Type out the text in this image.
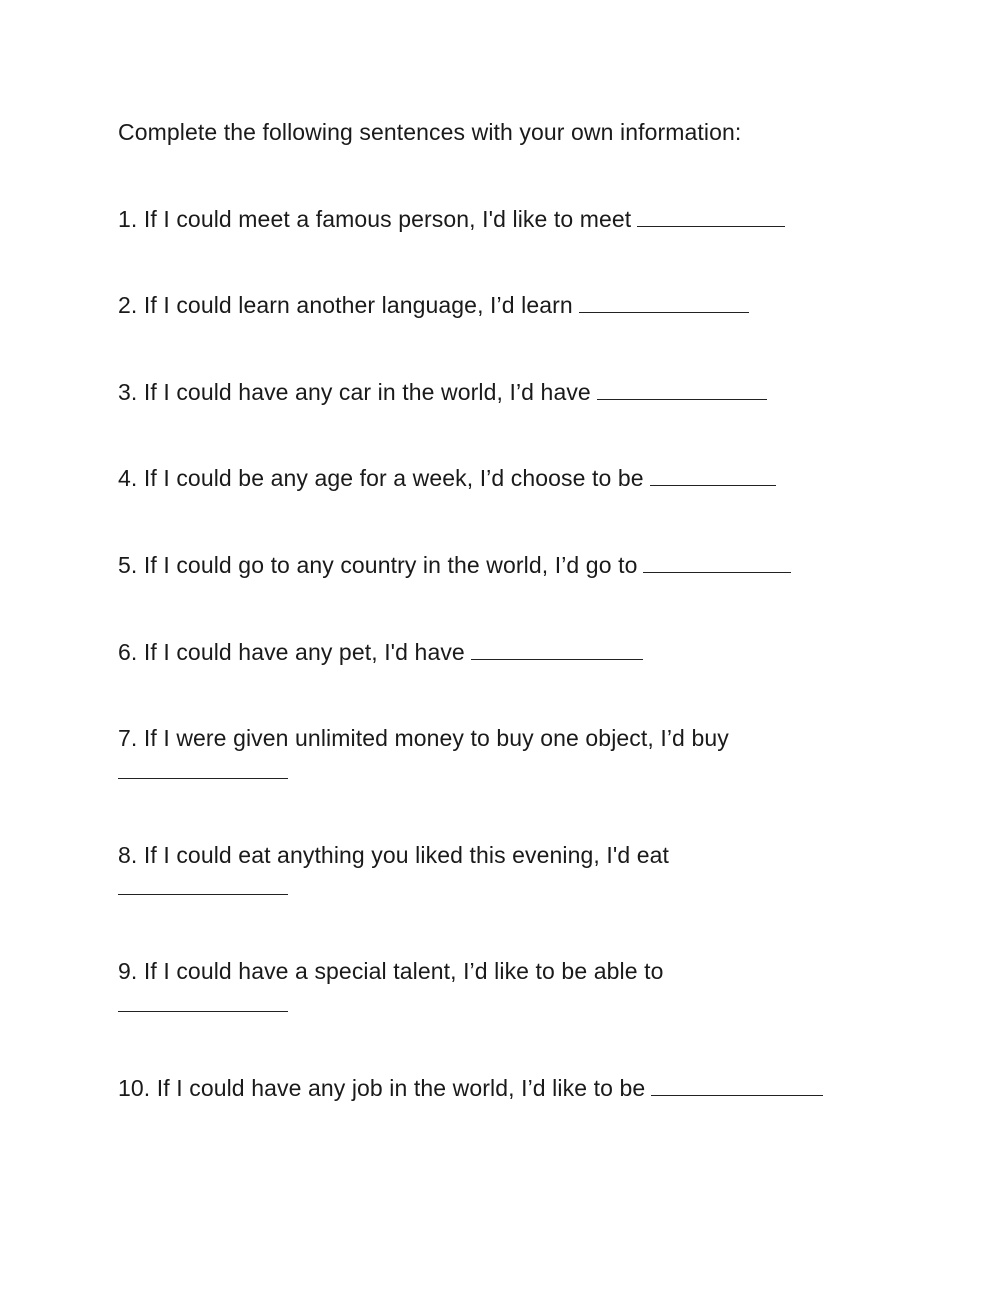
Complete the following sentences with your own information:
1. If I could meet a famous person, I'd like to meet
2. If I could learn another language, I’d learn
3. If I could have any car in the world, I’d have
4. If I could be any age for a week, I’d choose to be
5. If I could go to any country in the world, I’d go to
6. If I could have any pet, I'd have
7. If I were given unlimited money to buy one object, I’d buy
8. If I could eat anything you liked this evening, I'd eat
9. If I could have a special talent, I’d like to be able to
10. If I could have any job in the world, I’d like to be
